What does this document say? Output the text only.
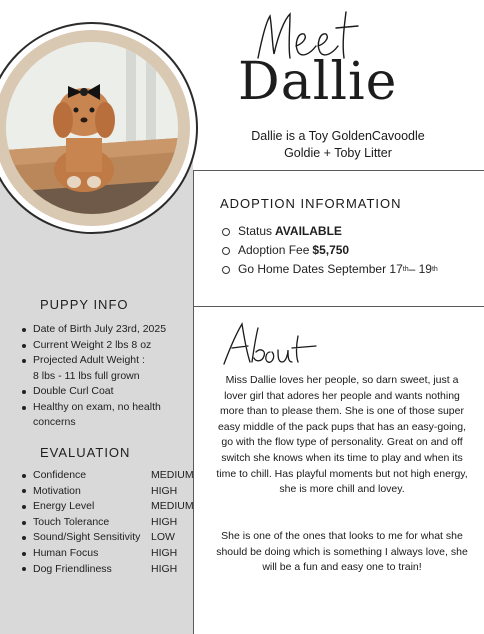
Dallie
Dallie is a Toy GoldenCavoodle
Goldie + Toby Litter
ADOPTION INFORMATION
Status AVAILABLE
Adoption Fee $5,750
Go Home Dates September 17 th – 19 th
PUPPY INFO
Date of Birth July 23rd, 2025
Current Weight 2 lbs 8 oz
Projected Adult Weight :
8 lbs - 11 lbs full grown
Double Curl Coat
Healthy on exam, no health concerns
EVALUATION
Confidence	MEDIUM
Motivation	HIGH
Energy Level	MEDIUM
Touch Tolerance	HIGH
Sound/Sight Sensitivity	LOW
Human Focus	HIGH
Dog Friendliness	HIGH

Miss Dallie loves her people, so darn sweet, just a lover girl that adores her people and wants nothing more than to please them. She is one of those super easy middle of the pack pups that has an easy-going, go with the flow type of personality. Great on and off switch she knows when its time to play and when its time to chill. Has playful moments but not high energy, she is more chill and lovey.

She is one of the ones that looks to me for what she should be doing which is something I always love, she will be a fun and easy one to train!
